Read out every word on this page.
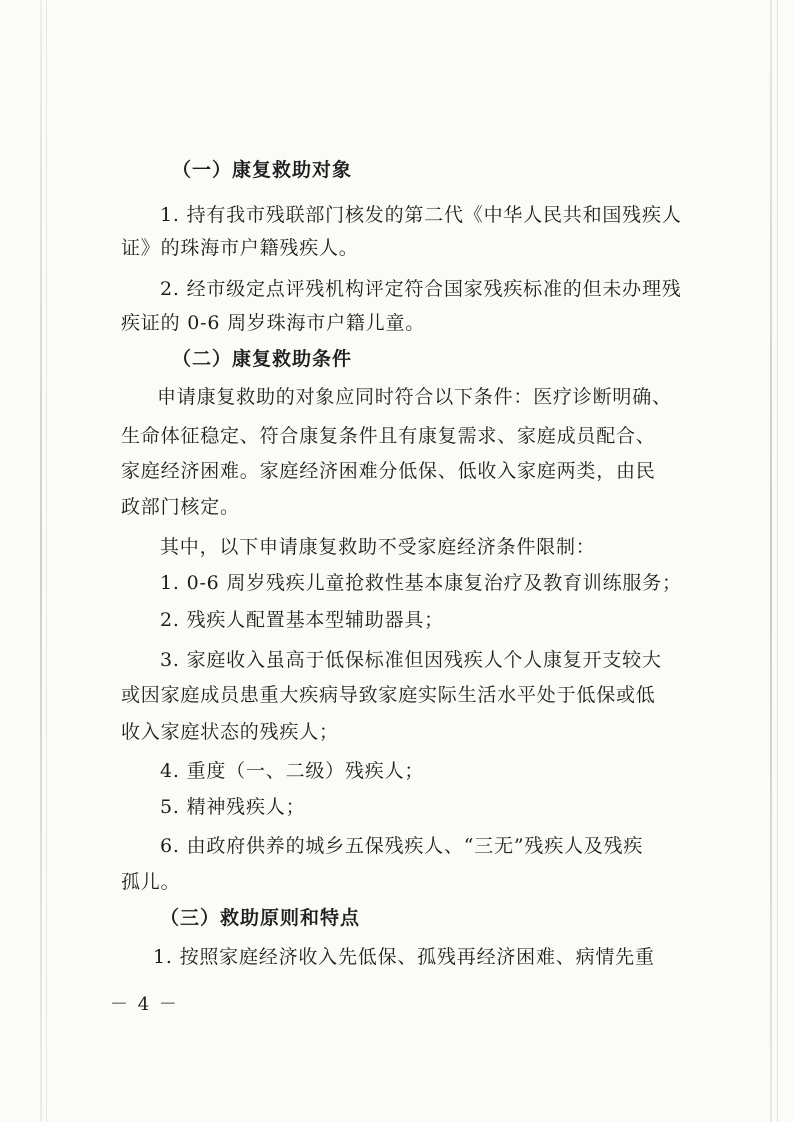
（一）康复救助对象
1. 持有我市残联部门核发的第二代《中华人民共和国残疾人
证》的珠海市户籍残疾人。
2. 经市级定点评残机构评定符合国家残疾标准的但未办理残
疾证的 0-6 周岁珠海市户籍儿童。
（二）康复救助条件
申请康复救助的对象应同时符合以下条件：医疗诊断明确、
生命体征稳定、符合康复条件且有康复需求、家庭成员配合、
家庭经济困难。家庭经济困难分低保、低收入家庭两类，由民
政部门核定。
其中，以下申请康复救助不受家庭经济条件限制：
1. 0-6 周岁残疾儿童抢救性基本康复治疗及教育训练服务；
2. 残疾人配置基本型辅助器具；
3. 家庭收入虽高于低保标准但因残疾人个人康复开支较大
或因家庭成员患重大疾病导致家庭实际生活水平处于低保或低
收入家庭状态的残疾人；
4. 重度（一、二级）残疾人；
5. 精神残疾人；
6. 由政府供养的城乡五保残疾人、“三无”残疾人及残疾
孤儿。
（三）救助原则和特点
1. 按照家庭经济收入先低保、孤残再经济困难、病情先重
－ 4 －
